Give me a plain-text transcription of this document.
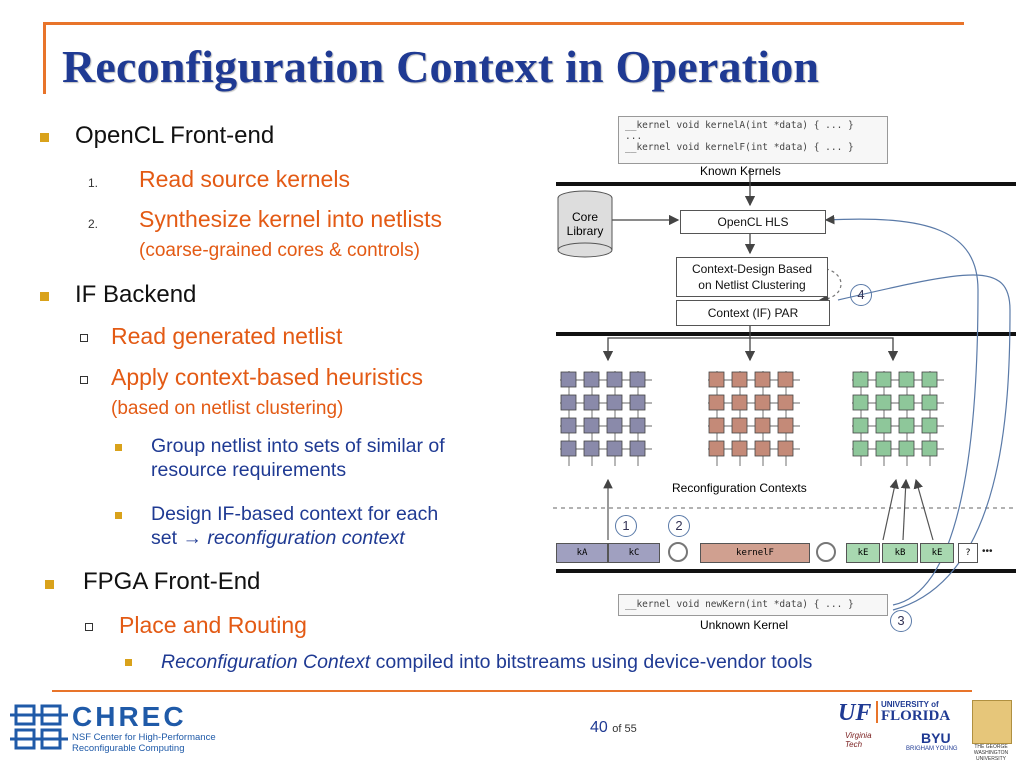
Reconfiguration Context in Operation
OpenCL Front-end
1. Read source kernels
2. Synthesize kernel into netlists
(coarse-grained cores & controls)
IF Backend
Read generated netlist
Apply context-based heuristics
(based on netlist clustering)
Group netlist into sets of similar of
resource requirements
Design IF-based context for each
set → reconfiguration context
FPGA Front-End
Place and Routing
Reconfiguration Context compiled into bitstreams using device-vendor tools
__kernel void kernelA(int *data) { ... }
...
__kernel void kernelF(int *data) { ... }
Known Kernels
Core
Library
OpenCL HLS
Context-Design Based
on Netlist Clustering
Context (IF) PAR
4
Reconfiguration Contexts
1	2
kA	kC	kernelF	kE	kB	kE	?	•••
__kernel void newKern(int *data) { ... }
Unknown Kernel	3
CHREC
NSF Center for High-Performance
Reconfigurable Computing
40 of 55
UF UNIVERSITY of
FLORIDA
Virginia
Tech	BYU
BRIGHAM YOUNG	THE GEORGE
WASHINGTON
UNIVERSITY
